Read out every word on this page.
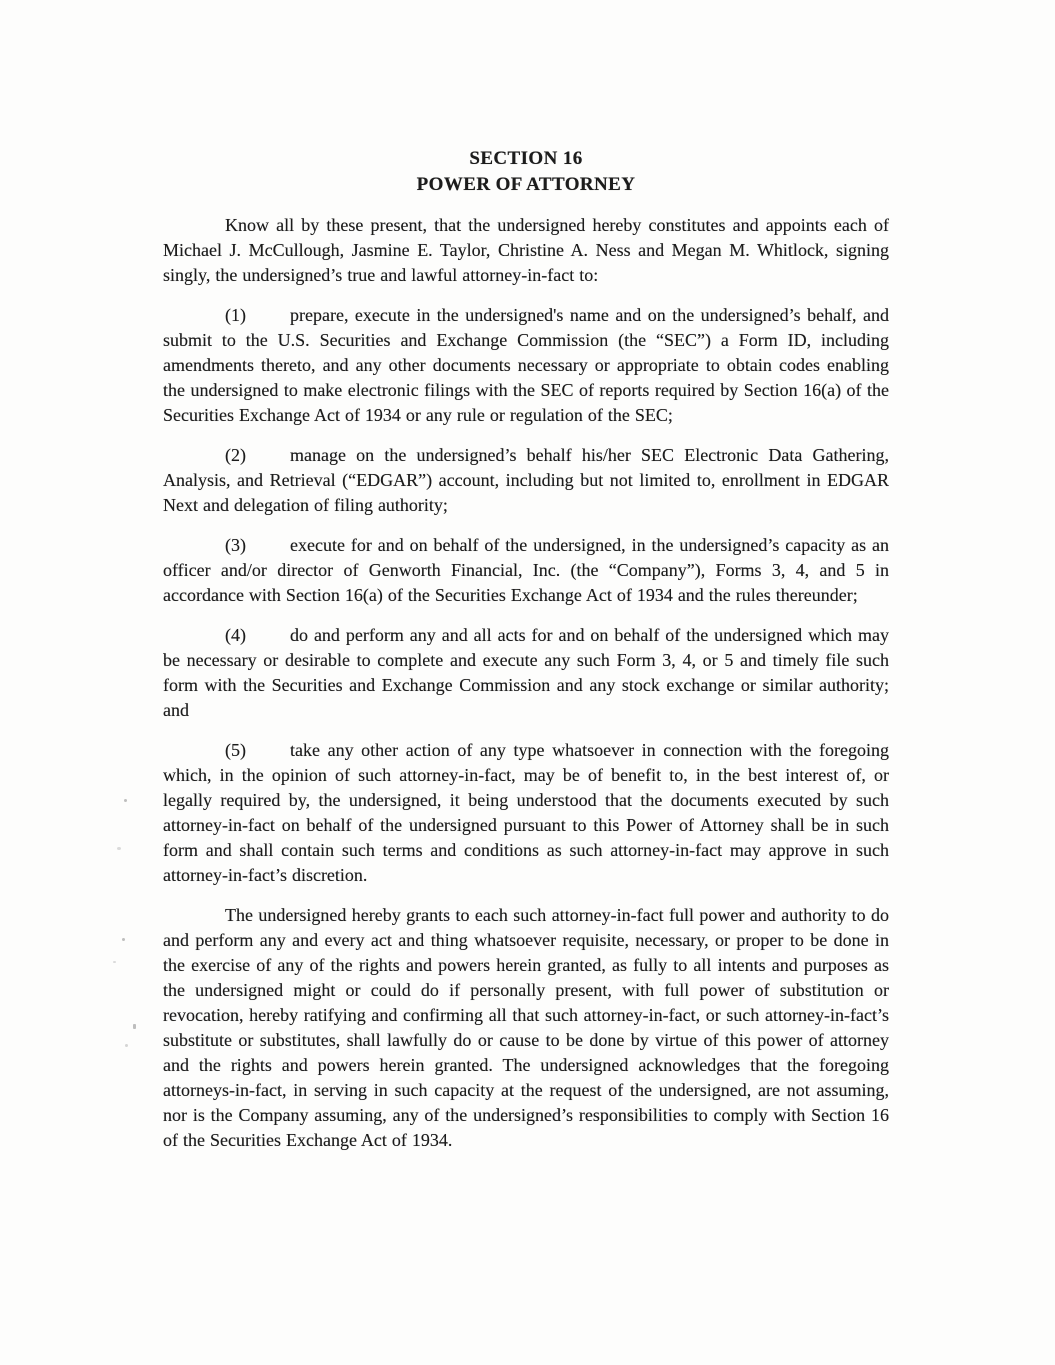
SECTION 16
POWER OF ATTORNEY

Know all by these present, that the undersigned hereby constitutes and appoints each of Michael J. McCullough, Jasmine E. Taylor, Christine A. Ness and Megan M. Whitlock, signing singly, the undersigned’s true and lawful attorney-in-fact to:

(1) prepare, execute in the undersigned's name and on the undersigned’s behalf, and submit to the U.S. Securities and Exchange Commission (the “SEC”) a Form ID, including amendments thereto, and any other documents necessary or appropriate to obtain codes enabling the undersigned to make electronic filings with the SEC of reports required by Section 16(a) of the Securities Exchange Act of 1934 or any rule or regulation of the SEC;

(2) manage on the undersigned’s behalf his/her SEC Electronic Data Gathering, Analysis, and Retrieval (“EDGAR”) account, including but not limited to, enrollment in EDGAR Next and delegation of filing authority;

(3) execute for and on behalf of the undersigned, in the undersigned’s capacity as an officer and/or director of Genworth Financial, Inc. (the “Company”), Forms 3, 4, and 5 in accordance with Section 16(a) of the Securities Exchange Act of 1934 and the rules thereunder;

(4) do and perform any and all acts for and on behalf of the undersigned which may be necessary or desirable to complete and execute any such Form 3, 4, or 5 and timely file such form with the Securities and Exchange Commission and any stock exchange or similar authority; and

(5) take any other action of any type whatsoever in connection with the foregoing which, in the opinion of such attorney-in-fact, may be of benefit to, in the best interest of, or legally required by, the undersigned, it being understood that the documents executed by such attorney-in-fact on behalf of the undersigned pursuant to this Power of Attorney shall be in such form and shall contain such terms and conditions as such attorney-in-fact may approve in such attorney-in-fact’s discretion.

The undersigned hereby grants to each such attorney-in-fact full power and authority to do and perform any and every act and thing whatsoever requisite, necessary, or proper to be done in the exercise of any of the rights and powers herein granted, as fully to all intents and purposes as the undersigned might or could do if personally present, with full power of substitution or revocation, hereby ratifying and confirming all that such attorney-in-fact, or such attorney-in-fact’s substitute or substitutes, shall lawfully do or cause to be done by virtue of this power of attorney and the rights and powers herein granted. The undersigned acknowledges that the foregoing attorneys-in-fact, in serving in such capacity at the request of the undersigned, are not assuming, nor is the Company assuming, any of the undersigned’s responsibilities to comply with Section 16 of the Securities Exchange Act of 1934.
